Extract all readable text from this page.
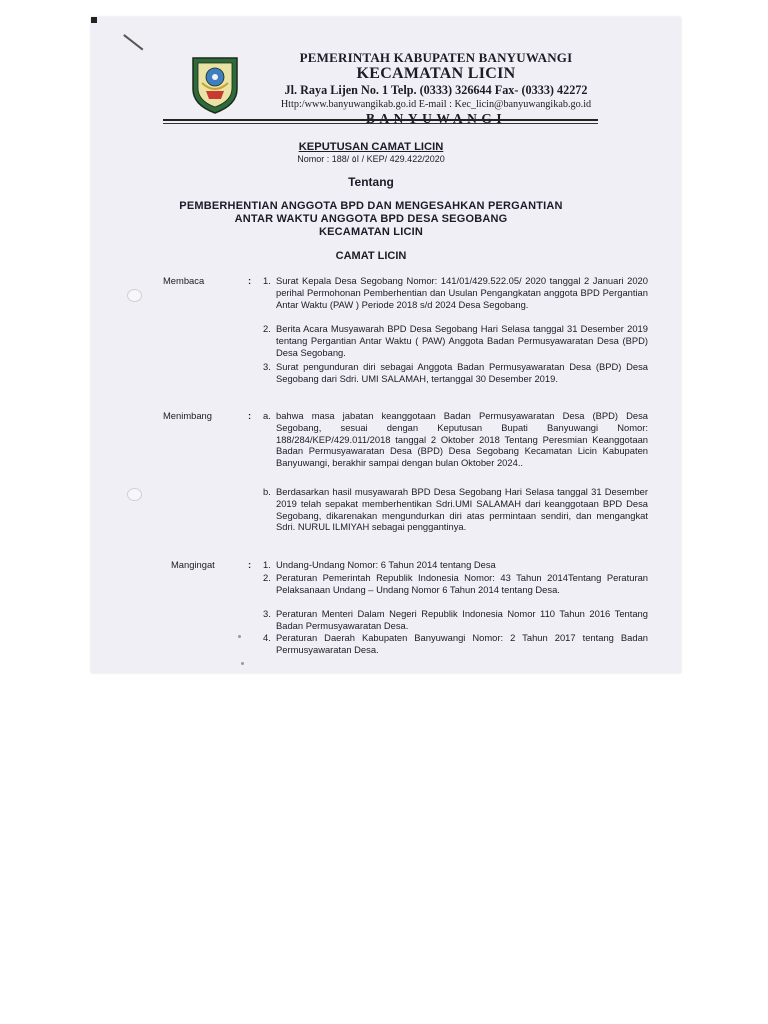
PEMERINTAH KABUPATEN BANYUWANGI
KECAMATAN LICIN
Jl. Raya Lijen No. 1 Telp. (0333) 326644 Fax- (0333) 42272
Http:/www.banyuwangikab.go.id E-mail : Kec_licin@banyuwangikab.go.id
KEPUTUSAN CAMAT LICIN
Nomor : 188/ ا٥ / KEP/ 429.422/2020
Tentang
PEMBERHENTIAN ANGGOTA BPD DAN MENGESAHKAN PERGANTIAN
ANTAR WAKTU ANGGOTA BPD DESA SEGOBANG
KECAMATAN LICIN
CAMAT LICIN
Membaca	: 1. Surat Kepala Desa Segobang Nomor: 141/01/429.522.05/ 2020 tanggal 2 Januari 2020 perihal Permohonan Pemberhentian dan Usulan Pengangkatan anggota BPD Pergantian Antar Waktu (PAW ) Periode 2018 s/d 2024 Desa Segobang.
2. Berita Acara Musyawarah BPD Desa Segobang Hari Selasa tanggal 31 Desember 2019 tentang Pergantian Antar Waktu ( PAW) Anggota Badan Permusyawaratan Desa (BPD) Desa Segobang.
3. Surat pengunduran diri sebagai Anggota Badan Permusyawaratan Desa (BPD) Desa Segobang dari Sdri. UMI SALAMAH, tertanggal 30 Desember 2019.
Menimbang	: a. bahwa masa jabatan keanggotaan Badan Permusyawaratan Desa (BPD) Desa Segobang, sesuai dengan Keputusan Bupati Banyuwangi Nomor: 188/284/KEP/429.011/2018 tanggal 2 Oktober 2018 Tentang Peresmian Keanggotaan Badan Permusyawaratan Desa (BPD) Desa Segobang Kecamatan Licin Kabupaten Banyuwangi, berakhir sampai dengan bulan Oktober 2024..
b. Berdasarkan hasil musyawarah BPD Desa Segobang Hari Selasa tanggal 31 Desember 2019 telah sepakat memberhentikan Sdri.UMI SALAMAH dari keanggotaan BPD Desa Segobang, dikarenakan mengundurkan diri atas permintaan sendiri, dan mengangkat Sdri. NURUL ILMIYAH sebagai penggantinya.
Mangingat	: 1. Undang-Undang Nomor: 6 Tahun 2014 tentang Desa
2. Peraturan Pemerintah Republik Indonesia Nomor: 43 Tahun 2014Tentang Peraturan Pelaksanaan Undang – Undang Nomor 6 Tahun 2014 tentang Desa.
3. Peraturan Menteri Dalam Negeri Republik Indonesia Nomor 110 Tahun 2016 Tentang Badan Permusyawaratan Desa.
4. Peraturan Daerah Kabupaten Banyuwangi Nomor: 2 Tahun 2017 tentang Badan Permusyawaratan Desa.
